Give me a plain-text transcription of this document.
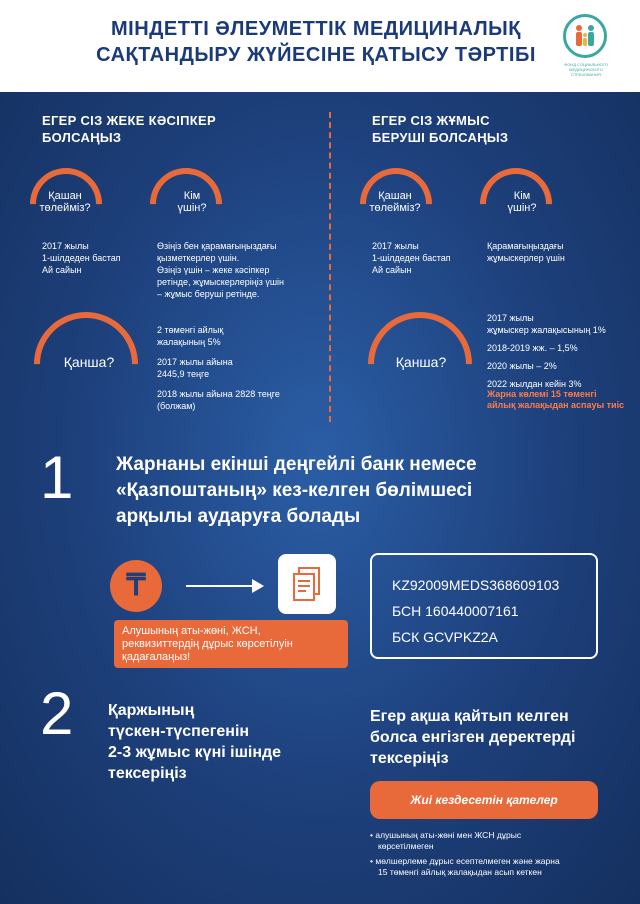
МІНДЕТТІ ӘЛЕУМЕТТІК МЕДИЦИНАЛЫҚ
САҚТАНДЫРУ ЖҮЙЕСІНЕ ҚАТЫСУ ТӘРТІБІ	ФОНД СОЦИАЛЬНОГО МЕДИЦИНСКОГО СТРАХОВАНИЯ
ЕГЕР СІЗ ЖЕКЕ КӘСІПКЕР
БОЛСАҢЫЗ
Қашан
төлейміз?
2017 жылы
1-шілдеден бастап
Ай сайын
Кім
үшін?
Өзіңіз бен қарамағыңыздағы
қызметкерлер үшін.
Өзіңіз үшін – жеке кәсіпкер
ретінде, жұмыскерлеріңіз үшін
– жұмыс беруші ретінде.
Қанша?
2 төменгі айлық
жалақының 5%
2017 жылы айына
2445,9 теңге
2018 жылы айына 2828 теңге
(болжам)
ЕГЕР СІЗ ЖҰМЫС
БЕРУШІ БОЛСАҢЫЗ
Қашан
төлейміз?
2017 жылы
1-шілдеден бастап
Ай сайын
Кім
үшін?
Қарамағыңыздағы
жұмыскерлер үшін
Қанша?
2017 жылы
жұмыскер жалақысының 1%
2018-2019 жж. – 1,5%
2020 жылы – 2%
2022 жылдан кейін 3%
Жарна көлемі 15 төменгі
айлық жалақыдан аспауы тиіс
1 Жарнаны екінші деңгейлі банк немесе
«Қазпоштаның» кез-келген бөлімшесі
арқылы аударуға болады
₸
Алушының аты-жөні, ЖСН,
реквизиттердің дұрыс көрсетілуін
қадағалаңыз!
KZ92009MEDS368609103
БСН 160440007161
БСК GCVPKZ2A
2 Қаржының
түскен-түспегенін
2-3 жұмыс күні ішінде
тексеріңіз
Егер ақша қайтып келген
болса енгізген деректерді
тексеріңіз
Жиі кездесетін қателер
• алушының аты-жөні мен ЖСН дұрыс
көрсетілмеген
• мөлшерлеме дұрыс есептелмеген және жарна
15 төменгі айлық жалақыдан асып кеткен
